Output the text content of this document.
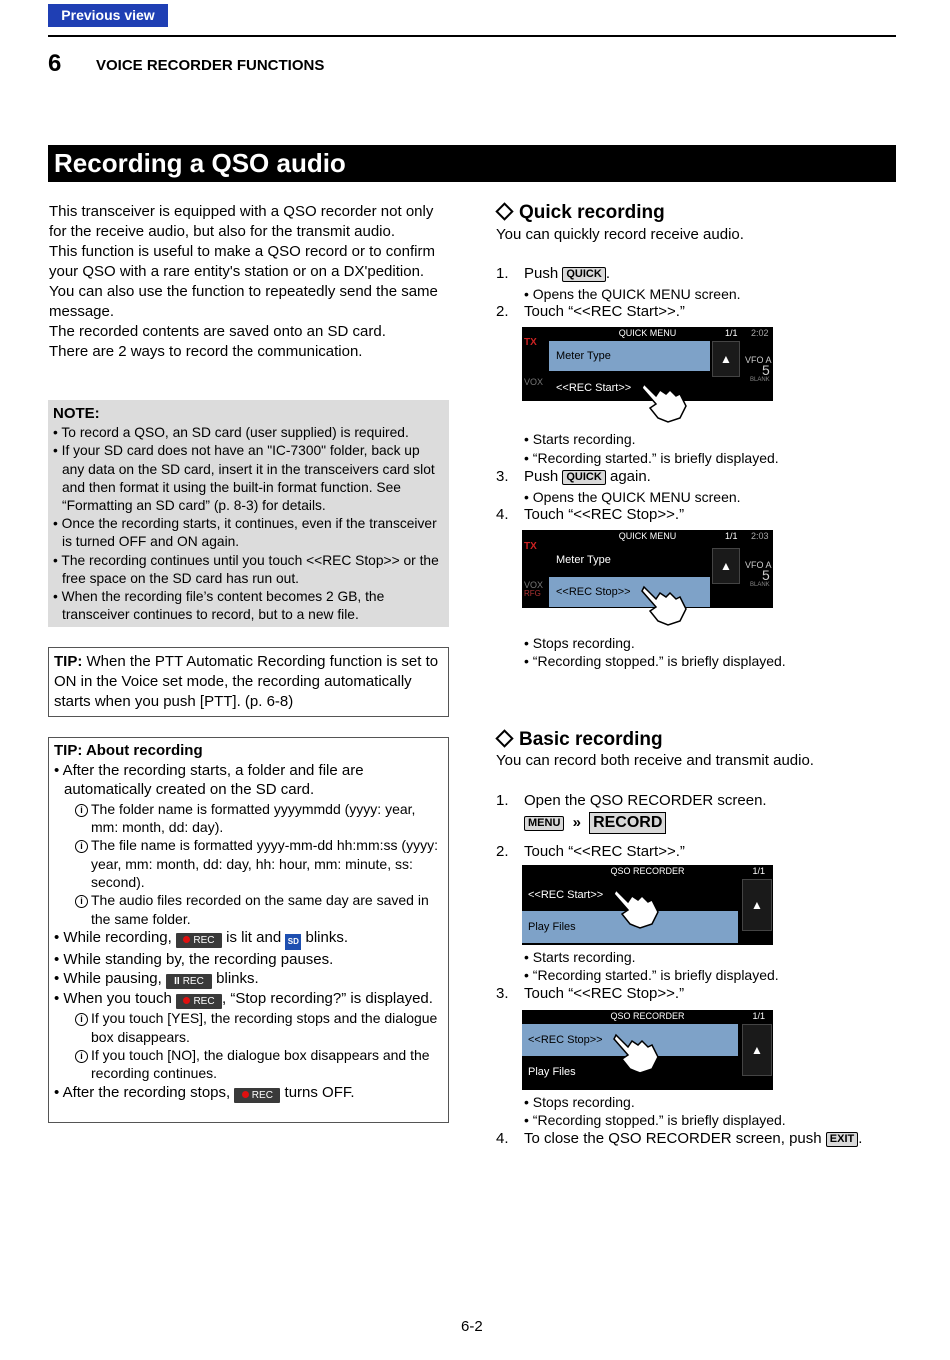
Previous view
6 VOICE RECORDER FUNCTIONS
Recording a QSO audio

This transceiver is equipped with a QSO recorder not only for the receive audio, but also for the transmit audio.

This function is useful to make a QSO record or to confirm your QSO with a rare entity's station or on a DX'pedition. You can also use the function to repeatedly send the same message.

The recorded contents are saved onto an SD card.

There are 2 ways to record the communication.

NOTE:
• To record a QSO, an SD card (user supplied) is required.
• If your SD card does not have an "IC-7300" folder, back up any data on the SD card, insert it in the transceivers card slot and then format it using the built-in format function. See “Formatting an SD card” (p. 8-3) for details.
• Once the recording starts, it continues, even if the transceiver is turned OFF and ON again.
• The recording continues until you touch <<REC Stop>> or the free space on the SD card has run out.
• When the recording file’s content becomes 2 GB, the transceiver continues to record, but to a new file.
TIP: When the PTT Automatic Recording function is set to ON in the Voice set mode, the recording automatically starts when you push [PTT]. (p. 6-8)
TIP: About recording
• After the recording starts, a folder and file are automatically created on the SD card.
i The folder name is formatted yyyymmdd (yyyy: year, mm: month, dd: day).
i The file name is formatted yyyy-mm-dd hh:mm:ss (yyyy: year, mm: month, dd: day, hh: hour, mm: minute, ss: second).
i The audio files recorded on the same day are saved in the same folder.
• While recording, REC is lit and SD blinks.
• While standing by, the recording pauses.
• While pausing, II REC blinks.
• When you touch REC , “Stop recording?” is displayed.
i If you touch [YES], the recording stops and the dialogue box disappears.
i If you touch [NO], the dialogue box disappears and the recording continues.
• After the recording stops, REC turns OFF.
Quick recording
You can quickly record receive audio.
1. Push QUICK .
• Opens the QUICK MENU screen.
2. Touch “<<REC Start>>.”
QUICK MENU	1/1 2:02
TX
VOX
Meter Type
<<REC Start>>
▲	VFO A
5
BLANK
• Starts recording.
• “Recording started.” is briefly displayed.
3. Push QUICK again.
• Opens the QUICK MENU screen.
4. Touch “<<REC Stop>>.”
QUICK MENU	1/1 2:03
TX
VOX
RFG
Meter Type
<<REC Stop>>
▲	VFO A
5
BLANK
• Stops recording.
• “Recording stopped.” is briefly displayed.
Basic recording
You can record both receive and transmit audio.
1. Open the QSO RECORDER screen.
MENU » RECORD
2. Touch “<<REC Start>>.”
QSO RECORDER	1/1
<<REC Start>>
Play Files
▲
• Starts recording.
• “Recording started.” is briefly displayed.
3. Touch “<<REC Stop>>.”
QSO RECORDER	1/1
<<REC Stop>>
Play Files
▲
• Stops recording.
• “Recording stopped.” is briefly displayed.
4. To close the QSO RECORDER screen, push EXIT .
6-2
